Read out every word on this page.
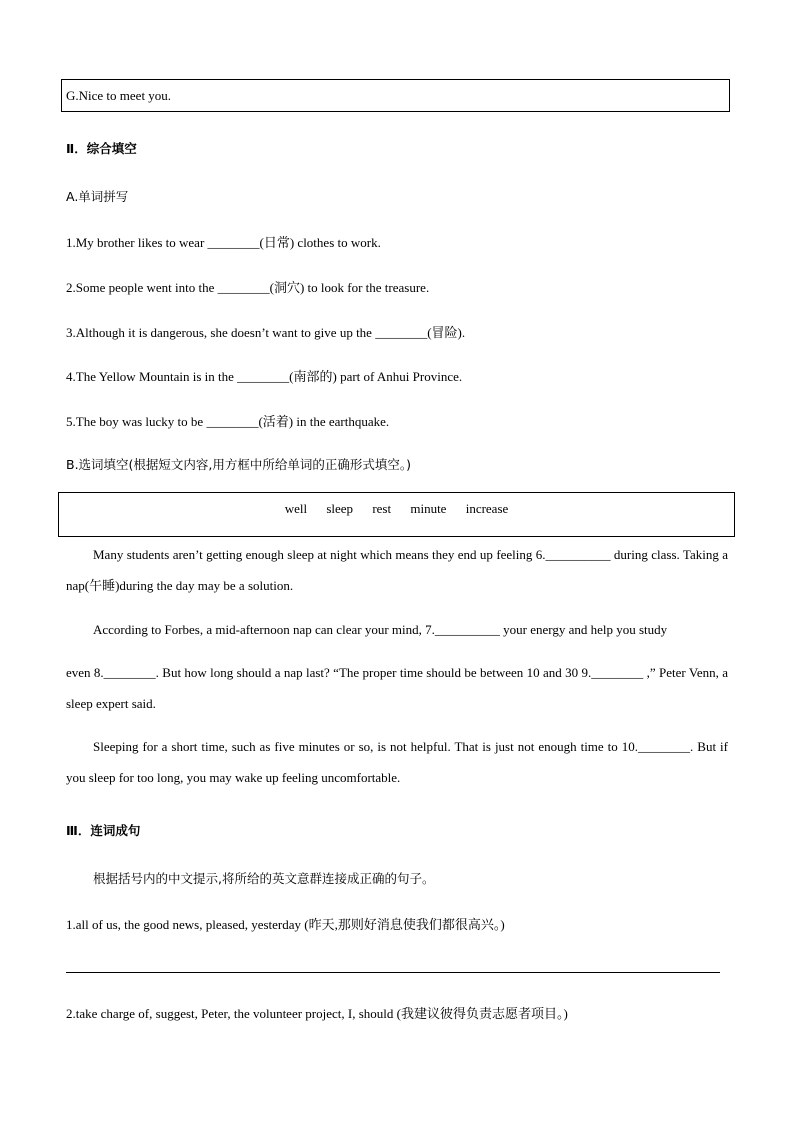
G.Nice to meet you.
Ⅱ．综合填空
A.单词拼写
1.My brother likes to wear ________(日常) clothes to work.
2.Some people went into the ________(洞穴) to look for the treasure.
3.Although it is dangerous, she doesn’t want to give up the ________(冒险).
4.The Yellow Mountain is in the ________(南部的) part of Anhui Province.
5.The boy was lucky to be ________(活着) in the earthquake.
B.选词填空(根据短文内容,用方框中所给单词的正确形式填空。)
well sleep rest minute increase
Many students aren’t getting enough sleep at night which means they end up feeling 6.__________ during class. Taking a nap(午睡)during the day may be a solution.
According to Forbes, a mid-afternoon nap can clear your mind, 7.__________ your energy and help you study
even 8.________. But how long should a nap last? “The proper time should be between 10 and 30 9.________ ,” Peter Venn, a sleep expert said.
Sleeping for a short time, such as five minutes or so, is not helpful. That is just not enough time to 10.________. But if you sleep for too long, you may wake up feeling uncomfortable.
Ⅲ．连词成句
根据括号内的中文提示,将所给的英文意群连接成正确的句子。
1.all of us, the good news, pleased, yesterday (昨天,那则好消息使我们都很高兴。)
2.take charge of, suggest, Peter, the volunteer project, I, should (我建议彼得负责志愿者项目。)
